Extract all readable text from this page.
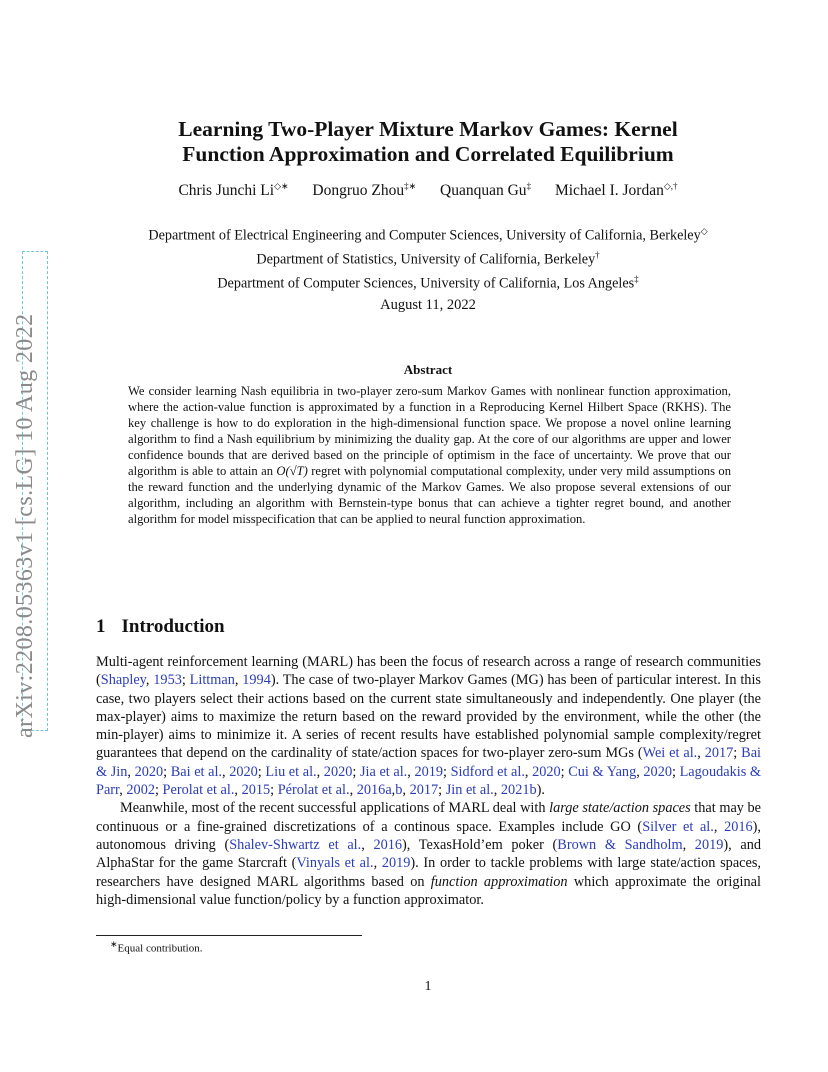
arXiv:2208.05363v1 [cs.LG] 10 Aug 2022
Learning Two-Player Mixture Markov Games: Kernel
Function Approximation and Correlated Equilibrium
Chris Junchi Li◇∗ Dongruo Zhou‡∗ Quanquan Gu‡ Michael I. Jordan◇,†
Department of Electrical Engineering and Computer Sciences, University of California, Berkeley◇
Department of Statistics, University of California, Berkeley†
Department of Computer Sciences, University of California, Los Angeles‡
August 11, 2022
Abstract
We consider learning Nash equilibria in two-player zero-sum Markov Games with nonlinear function approximation, where the action-value function is approximated by a function in a Reproducing Kernel Hilbert Space (RKHS). The key challenge is how to do exploration in the high-dimensional function space. We propose a novel online learning algorithm to find a Nash equilibrium by minimizing the duality gap. At the core of our algorithms are upper and lower confidence bounds that are derived based on the principle of optimism in the face of uncertainty. We prove that our algorithm is able to attain an O(√T) regret with polynomial computational complexity, under very mild assumptions on the reward function and the underlying dynamic of the Markov Games. We also propose several extensions of our algorithm, including an algorithm with Bernstein-type bonus that can achieve a tighter regret bound, and another algorithm for model misspecification that can be applied to neural function approximation.
1 Introduction

Multi-agent reinforcement learning (MARL) has been the focus of research across a range of research communities (Shapley, 1953; Littman, 1994). The case of two-player Markov Games (MG) has been of particular interest. In this case, two players select their actions based on the current state simultaneously and independently. One player (the max-player) aims to maximize the return based on the reward provided by the environment, while the other (the min-player) aims to minimize it. A series of recent results have established polynomial sample complexity/regret guarantees that depend on the cardinality of state/action spaces for two-player zero-sum MGs (Wei et al., 2017; Bai & Jin, 2020; Bai et al., 2020; Liu et al., 2020; Jia et al., 2019; Sidford et al., 2020; Cui & Yang, 2020; Lagoudakis & Parr, 2002; Perolat et al., 2015; Pérolat et al., 2016a,b, 2017; Jin et al., 2021b).

Meanwhile, most of the recent successful applications of MARL deal with large state/action spaces that may be continuous or a fine-grained discretizations of a continous space. Examples include GO (Silver et al., 2016), autonomous driving (Shalev-Shwartz et al., 2016), TexasHold’em poker (Brown & Sandholm, 2019), and AlphaStar for the game Starcraft (Vinyals et al., 2019). In order to tackle problems with large state/action spaces, researchers have designed MARL algorithms based on function approximation which approximate the original high-dimensional value function/policy by a function approximator.

∗Equal contribution.
1
